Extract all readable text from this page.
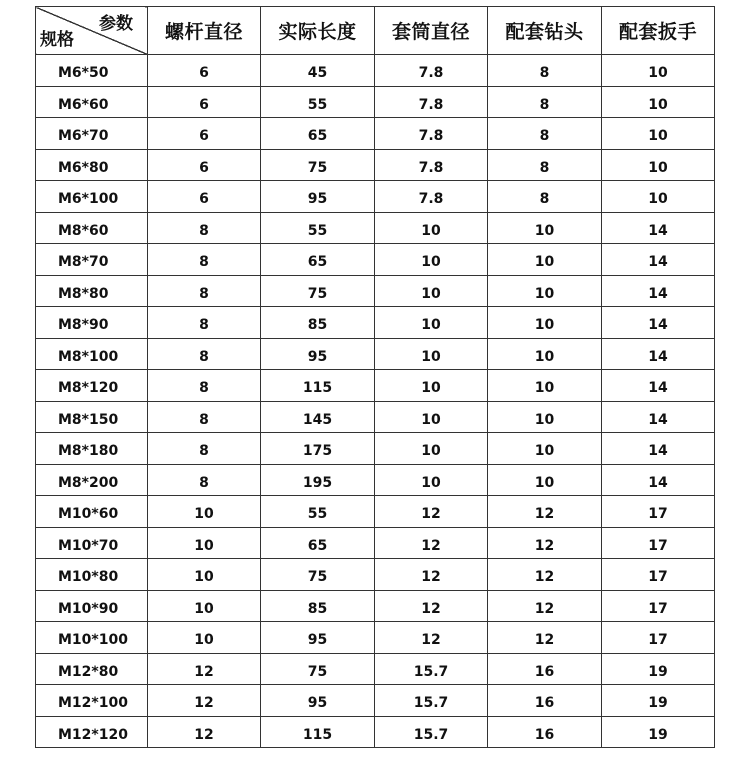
参数
规格	螺杆直径	实际长度	套筒直径	配套钻头	配套扳手
M6*50	6	45	7.8	8	10
M6*60	6	55	7.8	8	10
M6*70	6	65	7.8	8	10
M6*80	6	75	7.8	8	10
M6*100	6	95	7.8	8	10
M8*60	8	55	10	10	14
M8*70	8	65	10	10	14
M8*80	8	75	10	10	14
M8*90	8	85	10	10	14
M8*100	8	95	10	10	14
M8*120	8	115	10	10	14
M8*150	8	145	10	10	14
M8*180	8	175	10	10	14
M8*200	8	195	10	10	14
M10*60	10	55	12	12	17
M10*70	10	65	12	12	17
M10*80	10	75	12	12	17
M10*90	10	85	12	12	17
M10*100	10	95	12	12	17
M12*80	12	75	15.7	16	19
M12*100	12	95	15.7	16	19
M12*120	12	115	15.7	16	19
